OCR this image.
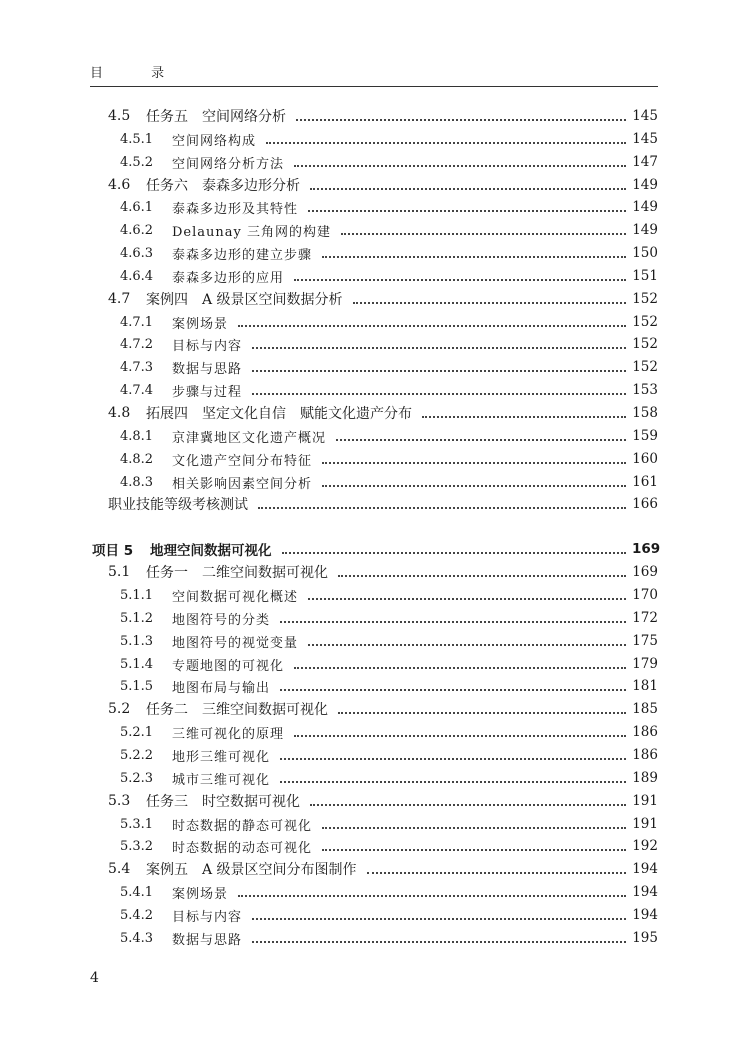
目 录
4.5	任务五　空间网络分析	145
4.5.1	空间网络构成	145
4.5.2	空间网络分析方法	147
4.6	任务六　泰森多边形分析	149
4.6.1	泰森多边形及其特性	149
4.6.2	Delaunay 三角网的构建	149
4.6.3	泰森多边形的建立步骤	150
4.6.4	泰森多边形的应用	151
4.7	案例四　A 级景区空间数据分析	152
4.7.1	案例场景	152
4.7.2	目标与内容	152
4.7.3	数据与思路	152
4.7.4	步骤与过程	153
4.8	拓展四　坚定文化自信　赋能文化遗产分布	158
4.8.1	京津冀地区文化遗产概况	159
4.8.2	文化遗产空间分布特征	160
4.8.3	相关影响因素空间分析	161
职业技能等级考核测试	166
项目 5	地理空间数据可视化	169
5.1	任务一　二维空间数据可视化	169
5.1.1	空间数据可视化概述	170
5.1.2	地图符号的分类	172
5.1.3	地图符号的视觉变量	175
5.1.4	专题地图的可视化	179
5.1.5	地图布局与输出	181
5.2	任务二　三维空间数据可视化	185
5.2.1	三维可视化的原理	186
5.2.2	地形三维可视化	186
5.2.3	城市三维可视化	189
5.3	任务三　时空数据可视化	191
5.3.1	时态数据的静态可视化	191
5.3.2	时态数据的动态可视化	192
5.4	案例五　A 级景区空间分布图制作	194
5.4.1	案例场景	194
5.4.2	目标与内容	194
5.4.3	数据与思路	195
4
